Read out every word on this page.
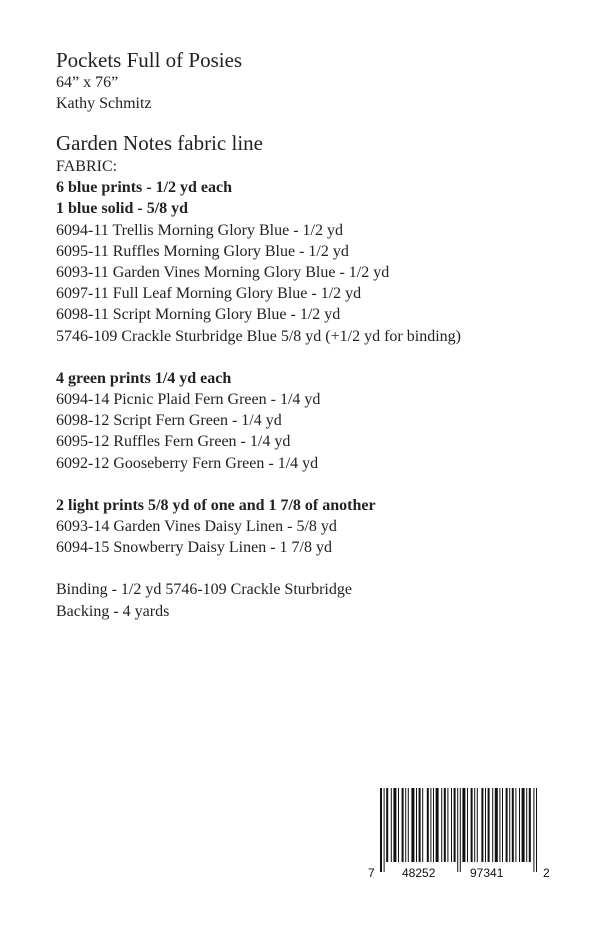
Pockets Full of Posies
64” x 76”
Kathy Schmitz
Garden Notes fabric line
FABRIC:
6 blue prints - 1/2 yd each
1 blue solid - 5/8 yd
6094-11 Trellis Morning Glory Blue - 1/2 yd
6095-11 Ruffles Morning Glory Blue - 1/2 yd
6093-11 Garden Vines Morning Glory Blue - 1/2 yd
6097-11 Full Leaf Morning Glory Blue - 1/2 yd
6098-11 Script Morning Glory Blue - 1/2 yd
5746-109 Crackle Sturbridge Blue 5/8 yd (+1/2 yd for binding)
4 green prints 1/4 yd each
6094-14 Picnic Plaid Fern Green - 1/4 yd
6098-12 Script Fern Green - 1/4 yd
6095-12 Ruffles Fern Green - 1/4 yd
6092-12 Gooseberry Fern Green - 1/4 yd
2 light prints 5/8 yd of one and 1 7/8 of another
6093-14 Garden Vines Daisy Linen - 5/8 yd
6094-15 Snowberry Daisy Linen - 1 7/8 yd
Binding - 1/2 yd 5746-109 Crackle Sturbridge
Backing - 4 yards
7 48252	97341	2
